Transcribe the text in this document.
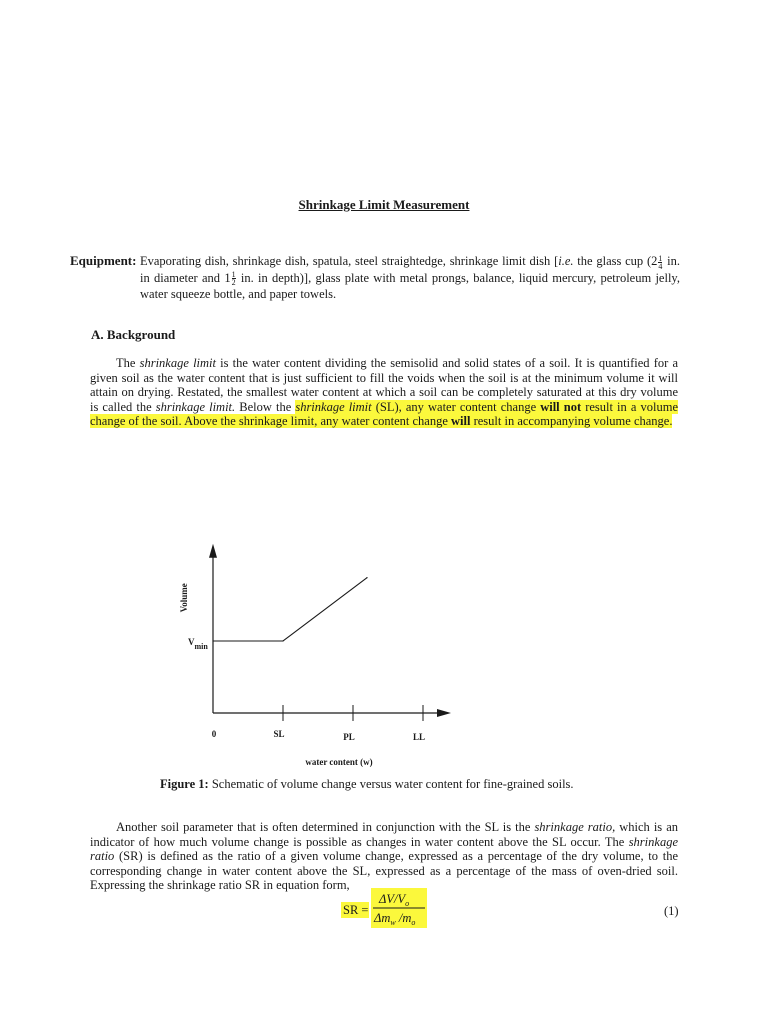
Shrinkage Limit Measurement
Equipment: Evaporating dish, shrinkage dish, spatula, steel straightedge, shrinkage limit dish [i.e. the glass cup ($2 \frac{1}{4}$ in. in diameter and $1 \frac{1}{2}$ in. in depth)], glass plate with metal prongs, balance, liquid mercury, petroleum jelly, water squeeze bottle, and paper towels.
A. Background
The shrinkage limit is the water content dividing the semisolid and solid states of a soil. It is quantified for a given soil as the water content that is just sufficient to fill the voids when the soil is at the minimum volume it will attain on drying. Restated, the smallest water content at which a soil can be completely saturated at this dry volume is called the shrinkage limit. Below the shrinkage limit (SL), any water content change will not result in a volume change of the soil. Above the shrinkage limit, any water content change will result in accompanying volume change.
0	SL	PL	LL
Vmin
water content (w)
Volume
Figure 1: Schematic of volume change versus water content for fine-grained soils.
Another soil parameter that is often determined in conjunction with the SL is the shrinkage ratio, which is an indicator of how much volume change is possible as changes in water content above the SL occur. The shrinkage ratio (SR) is defined as the ratio of a given volume change, expressed as a percentage of the dry volume, to the corresponding change in water content above the SL, expressed as a percentage of the mass of oven-dried soil. Expressing the shrinkage ratio SR in equation form,
SR =
$\Delta V/V_o$
$\Delta m_w$ $/m_o$
(1)
